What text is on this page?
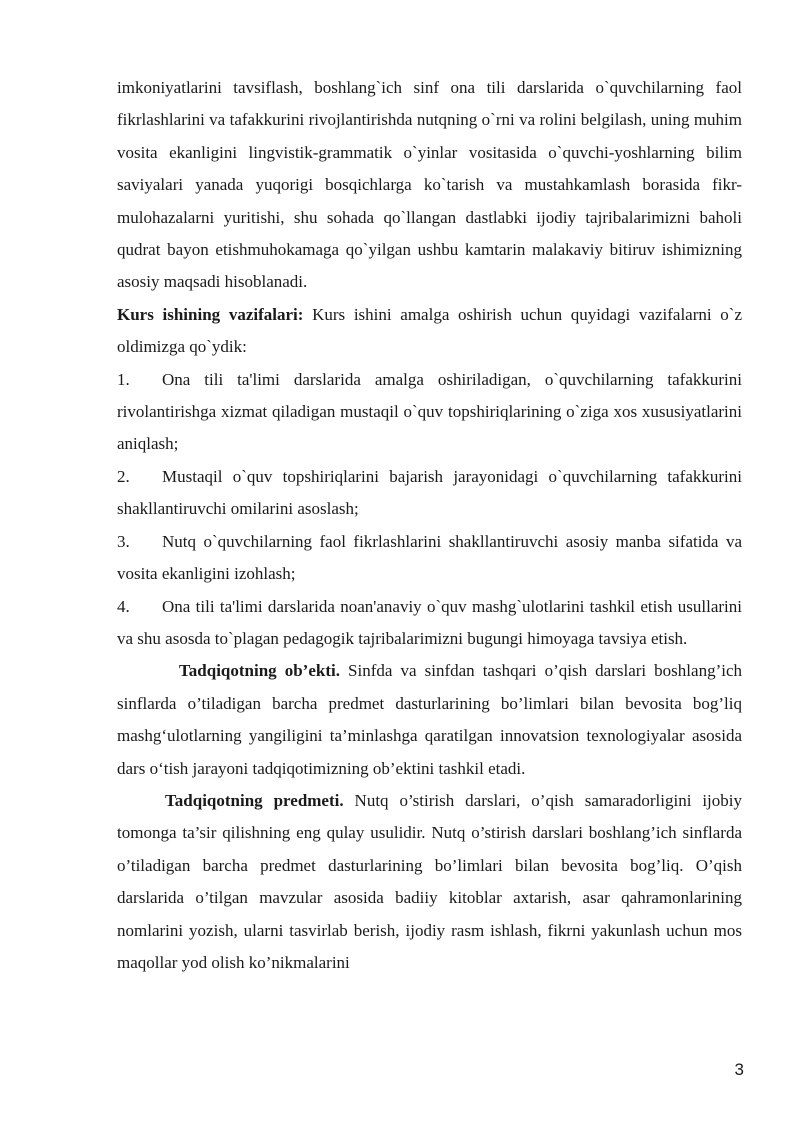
imkoniyatlarini tavsiflash, boshlang`ich sinf ona tili darslarida o`quvchilarning faol fikrlashlarini va tafakkurini rivojlantirishda nutqning o`rni va rolini belgilash, uning muhim vosita ekanligini lingvistik-grammatik o`yinlar vositasida o`quvchi-yoshlarning bilim saviyalari yanada yuqorigi bosqichlarga ko`tarish va mustahkamlash borasida fikr-mulohazalarni yuritishi, shu sohada qo`llangan dastlabki ijodiy tajribalarimizni baholi qudrat bayon etishmuhokamaga qo`yilgan ushbu kamtarin malakaviy bitiruv ishimizning asosiy maqsadi hisoblanadi.

Kurs ishining vazifalari: Kurs ishini amalga oshirish uchun quyidagi vazifalarni o`z oldimizga qo`ydik:

1. Ona tili ta'limi darslarida amalga oshiriladigan, o`quvchilarning tafakkurini rivolantirishga xizmat qiladigan mustaqil o`quv topshiriqlarining o`ziga xos xususiyatlarini aniqlash;

2. Mustaqil o`quv topshiriqlarini bajarish jarayonidagi o`quvchilarning tafakkurini shakllantiruvchi omilarini asoslash;

3. Nutq o`quvchilarning faol fikrlashlarini shakllantiruvchi asosiy manba sifatida va vosita ekanligini izohlash;

4. Ona tili ta'limi darslarida noan'anaviy o`quv mashg`ulotlarini tashkil etish usullarini va shu asosda to`plagan pedagogik tajribalarimizni bugungi himoyaga tavsiya etish.

Tadqiqotning ob’ekti. Sinfda va sinfdan tashqari o’qish darslari boshlang’ich sinflarda o’tiladigan barcha predmet dasturlarining bo’limlari bilan bevosita bog’liq mashg‘ulotlarning yangiligini ta’minlashga qaratilgan innovatsion texnologiyalar asosida dars o‘tish jarayoni tadqiqotimizning ob’ektini tashkil etadi.

Tadqiqotning predmeti. Nutq o’stirish darslari, o’qish samaradorligini ijobiy tomonga ta’sir qilishning eng qulay usulidir. Nutq o’stirish darslari boshlang’ich sinflarda o’tiladigan barcha predmet dasturlarining bo’limlari bilan bevosita bog’liq. O’qish darslarida o’tilgan mavzular asosida badiiy kitoblar axtarish, asar qahramonlarining nomlarini yozish, ularni tasvirlab berish, ijodiy rasm ishlash, fikrni yakunlash uchun mos maqollar yod olish ko’nikmalarini

3
